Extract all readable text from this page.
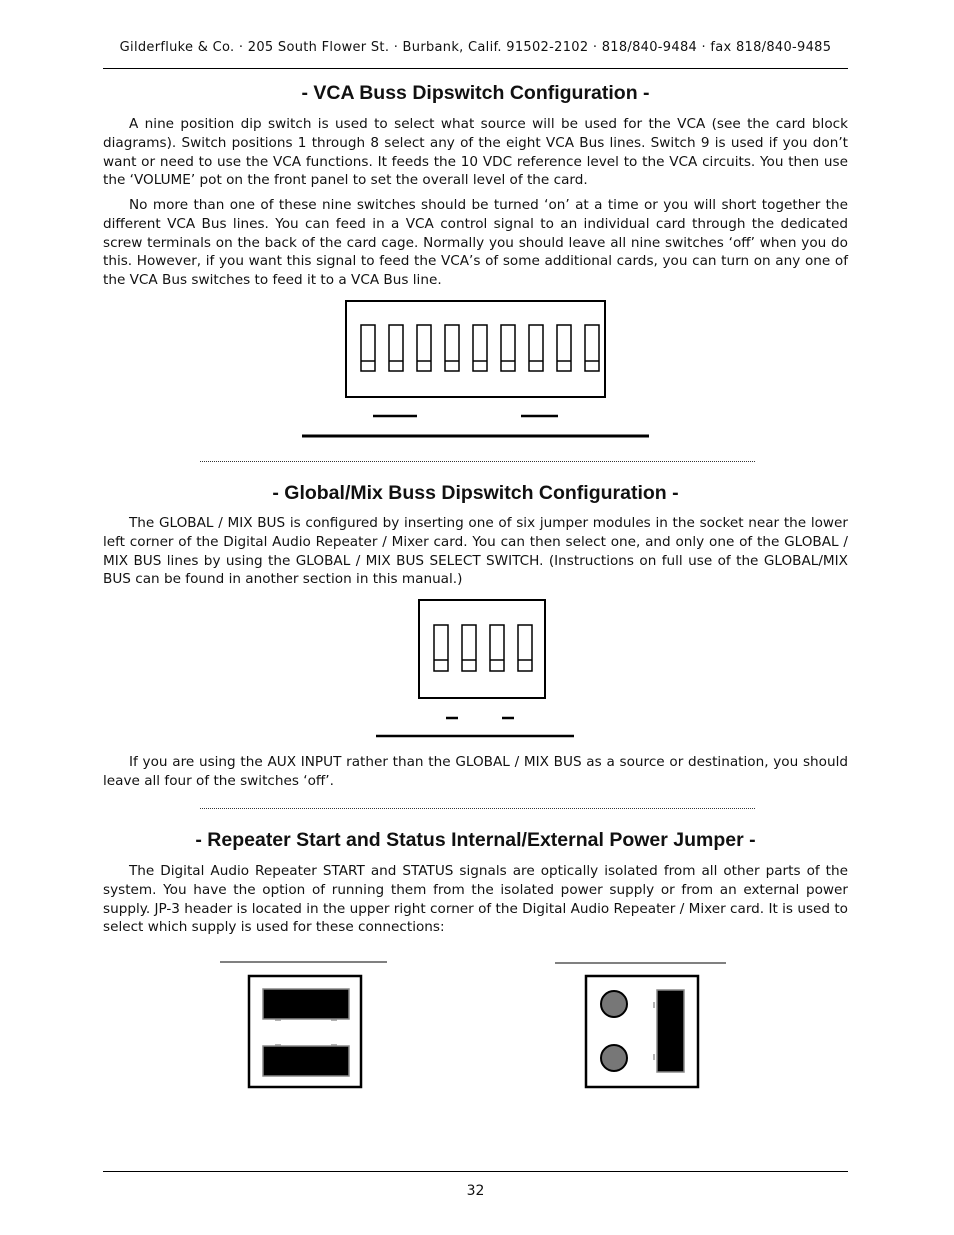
Gilderfluke & Co. · 205 South Flower St. · Burbank, Calif. 91502-2102 · 818/840-9484 · fax 818/840-9485
- VCA Buss Dipswitch Configuration -

A nine position dip switch is used to select what source will be used for the VCA (see the card block diagrams). Switch positions 1 through 8 select any of the eight VCA Bus lines. Switch 9 is used if you don’t want or need to use the VCA functions. It feeds the 10 VDC reference level to the VCA circuits. You then use the ‘VOLUME’ pot on the front panel to set the overall level of the card.

No more than one of these nine switches should be turned ‘on’ at a time or you will short together the different VCA Bus lines. You can feed in a VCA control signal to an individual card through the dedicated screw terminals on the back of the card cage. Normally you should leave all nine switches ‘off’ when you do this. However, if you want this signal to feed the VCA’s of some additional cards, you can turn on any one of the VCA Bus switches to feed it to a VCA Bus line.

- Global/Mix Buss Dipswitch Configuration -

The GLOBAL / MIX BUS is configured by inserting one of six jumper modules in the socket near the lower left corner of the Digital Audio Repeater / Mixer card. You can then select one, and only one of the GLOBAL / MIX BUS lines by using the GLOBAL / MIX BUS SELECT SWITCH. (Instructions on full use of the GLOBAL/MIX BUS can be found in another section in this manual.)

If you are using the AUX INPUT rather than the GLOBAL / MIX BUS as a source or destination, you should leave all four of the switches ‘off’.

- Repeater Start and Status Internal/External Power Jumper -

The Digital Audio Repeater START and STATUS signals are optically isolated from all other parts of the system. You have the option of running them from the isolated power supply or from an external power supply. JP-3 header is located in the upper right corner of the Digital Audio Repeater / Mixer card. It is used to select which supply is used for these connections:

32
